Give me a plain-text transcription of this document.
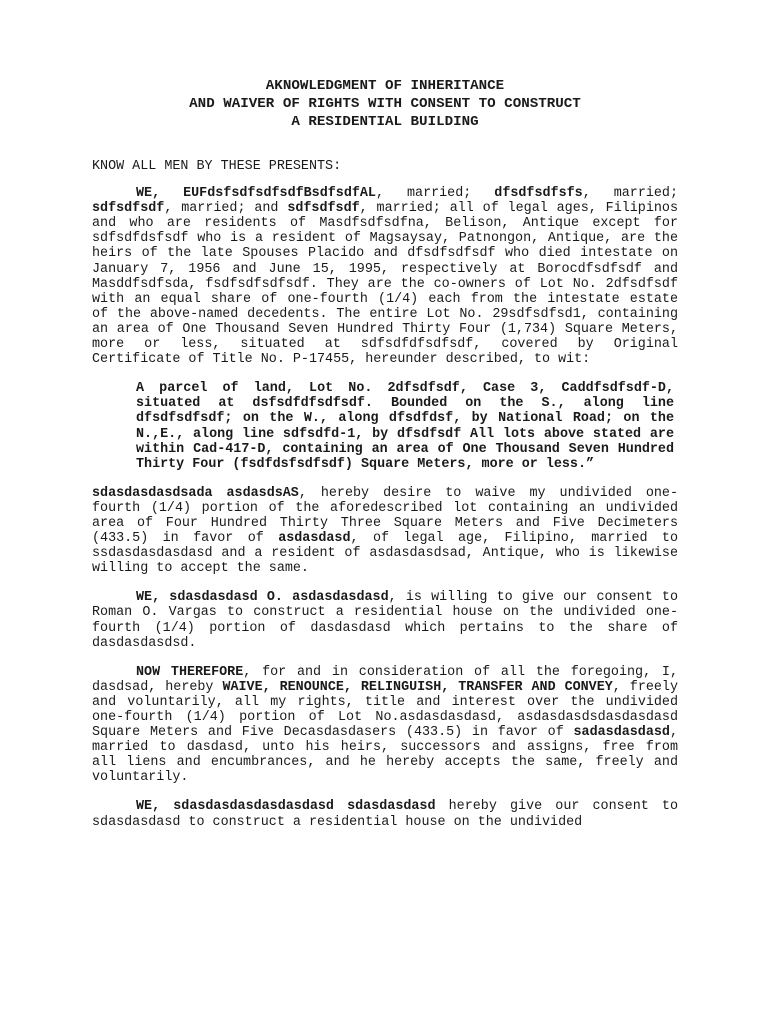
AKNOWLEDGMENT OF INHERITANCE
AND WAIVER OF RIGHTS WITH CONSENT TO CONSTRUCT
A RESIDENTIAL BUILDING

KNOW ALL MEN BY THESE PRESENTS:

WE, EUFdsfsdfsdfsdfBsdfsdfAL, married; dfsdfsdfsfs, married; sdfsdfsdf, married; and sdfsdfsdf, married; all of legal ages, Filipinos and who are residents of Masdfsdfsdfna, Belison, Antique except for sdfsdfdsfsdf who is a resident of Magsaysay, Patnongon, Antique, are the heirs of the late Spouses Placido and dfsdfsdfsdf who died intestate on January 7, 1956 and June 15, 1995, respectively at Borocdfsdfsdf and Masddfsdfsda, fsdfsdfsdfsdf. They are the co-owners of Lot No. 2dfsdfsdf with an equal share of one-fourth (1/4) each from the intestate estate of the above-named decedents. The entire Lot No. 29sdfsdfsd1, containing an area of One Thousand Seven Hundred Thirty Four (1,734) Square Meters, more or less, situated at sdfsdfdfsdfsdf, covered by Original Certificate of Title No. P-17455, hereunder described, to wit:

A parcel of land, Lot No. 2dfsdfsdf, Case 3, Caddfsdfsdf-D, situated at dsfsdfdfsdfsdf. Bounded on the S., along line dfsdfsdfsdf; on the W., along dfsdfdsf, by National Road; on the N.,E., along line sdfsdfd-1, by dfsdfsdf All lots above stated are within Cad-417-D, containing an area of One Thousand Seven Hundred Thirty Four (fsdfdsfsdfsdf) Square Meters, more or less.”

sdasdasdasdsada asdasdsAS, hereby desire to waive my undivided one-fourth (1/4) portion of the aforedescribed lot containing an undivided area of Four Hundred Thirty Three Square Meters and Five Decimeters (433.5) in favor of asdasdasd, of legal age, Filipino, married to ssdasdasdasdasd and a resident of asdasdasdsad, Antique, who is likewise willing to accept the same.

WE, sdasdasdasd O. asdasdasdasd, is willing to give our consent to Roman O. Vargas to construct a residential house on the undivided one-fourth (1/4) portion of dasdasdasd which pertains to the share of dasdasdasdsd.

NOW THEREFORE, for and in consideration of all the foregoing, I, dasdsad, hereby WAIVE, RENOUNCE, RELINGUISH, TRANSFER AND CONVEY, freely and voluntarily, all my rights, title and interest over the undivided one-fourth (1/4) portion of Lot No.asdasdasdasd, asdasdasdsdasdasdasd Square Meters and Five Decasdasdasers (433.5) in favor of sadasdasdasd, married to dasdasd, unto his heirs, successors and assigns, free from all liens and encumbrances, and he hereby accepts the same, freely and voluntarily.

WE, sdasdasdasdasdasdasd sdasdasdasd hereby give our consent to sdasdasdasd to construct a residential house on the undivided
